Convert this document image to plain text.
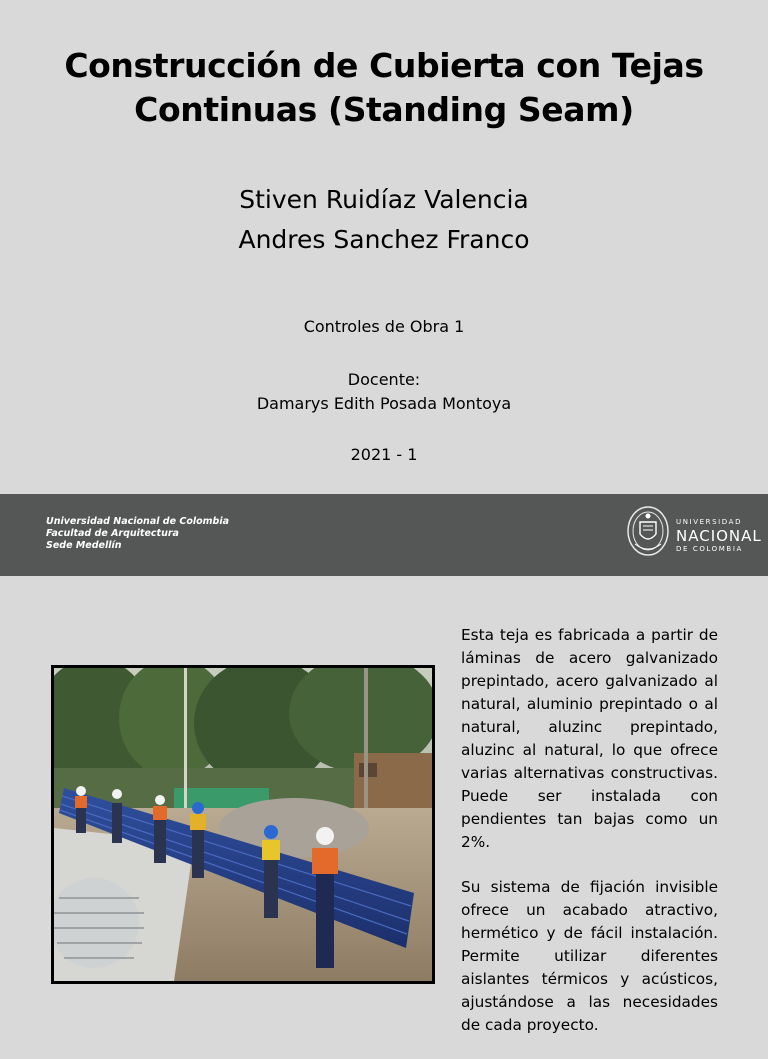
Construcción de Cubierta con Tejas
Continuas (Standing Seam)
Stiven Ruidíaz Valencia
Andres Sanchez Franco
Controles de Obra 1
Docente:
Damarys Edith Posada Montoya
2021 - 1
Universidad Nacional de Colombia
Facultad de Arquitectura
Sede Medellín
UNIVERSIDAD
NACIONAL
DE COLOMBIA

Esta teja es fabricada a partir de láminas de acero galvanizado prepintado, acero galvanizado al natural, aluminio prepintado o al natural, aluzinc prepintado, aluzinc al natural, lo que ofrece varias alternativas constructivas. Puede ser instalada con pendientes tan bajas como un 2%.

Su sistema de fijación invisible ofrece un acabado atractivo, hermético y de fácil instalación. Permite utilizar diferentes aislantes térmicos y acústicos, ajustándose a las necesidades de cada proyecto.
